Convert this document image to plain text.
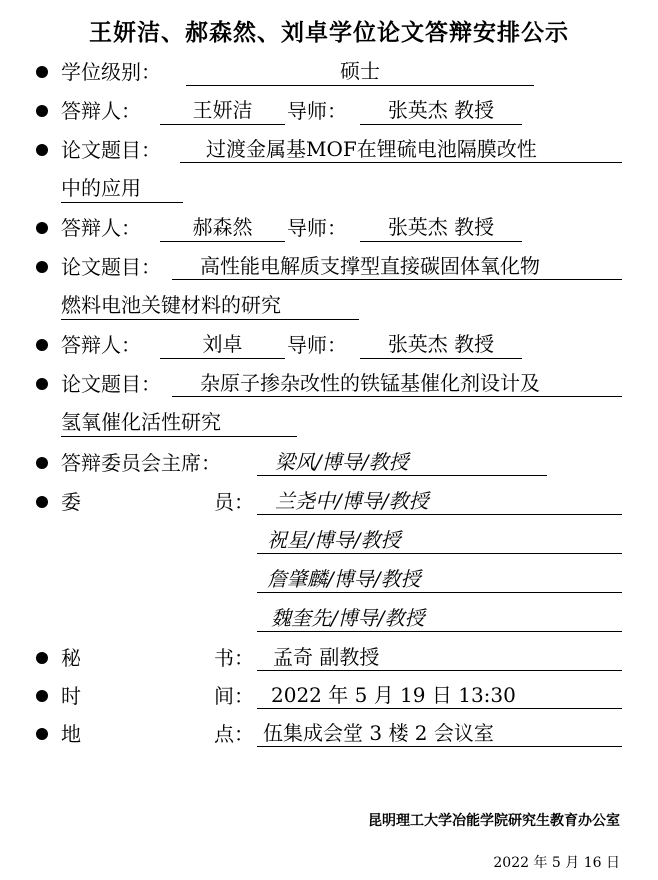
王妍洁、郝森然、刘卓学位论文答辩安排公示
学位级别：	硕士
答辩人：	王妍洁	导师：	张英杰 教授
论文题目：	过渡金属基MOF在锂硫电池隔膜改性
中的应用
答辩人：	郝森然	导师：	张英杰 教授
论文题目：	高性能电解质支撑型直接碳固体氧化物
燃料电池关键材料的研究
答辩人：	刘卓	导师：	张英杰 教授
论文题目：	杂原子掺杂改性的铁锰基催化剂设计及
氢氧催化活性研究
答辩委员会主席：	梁风/博导/教授
委	员：	兰尧中/博导/教授
祝星/博导/教授
詹肇麟/博导/教授
魏奎先/博导/教授
秘	书： 孟奇 副教授
时	间： 2022 年 5 月 19 日 13:30
地	点： 伍集成会堂 3 楼 2 会议室
昆明理工大学冶能学院研究生教育办公室
2022 年 5 月 16 日
